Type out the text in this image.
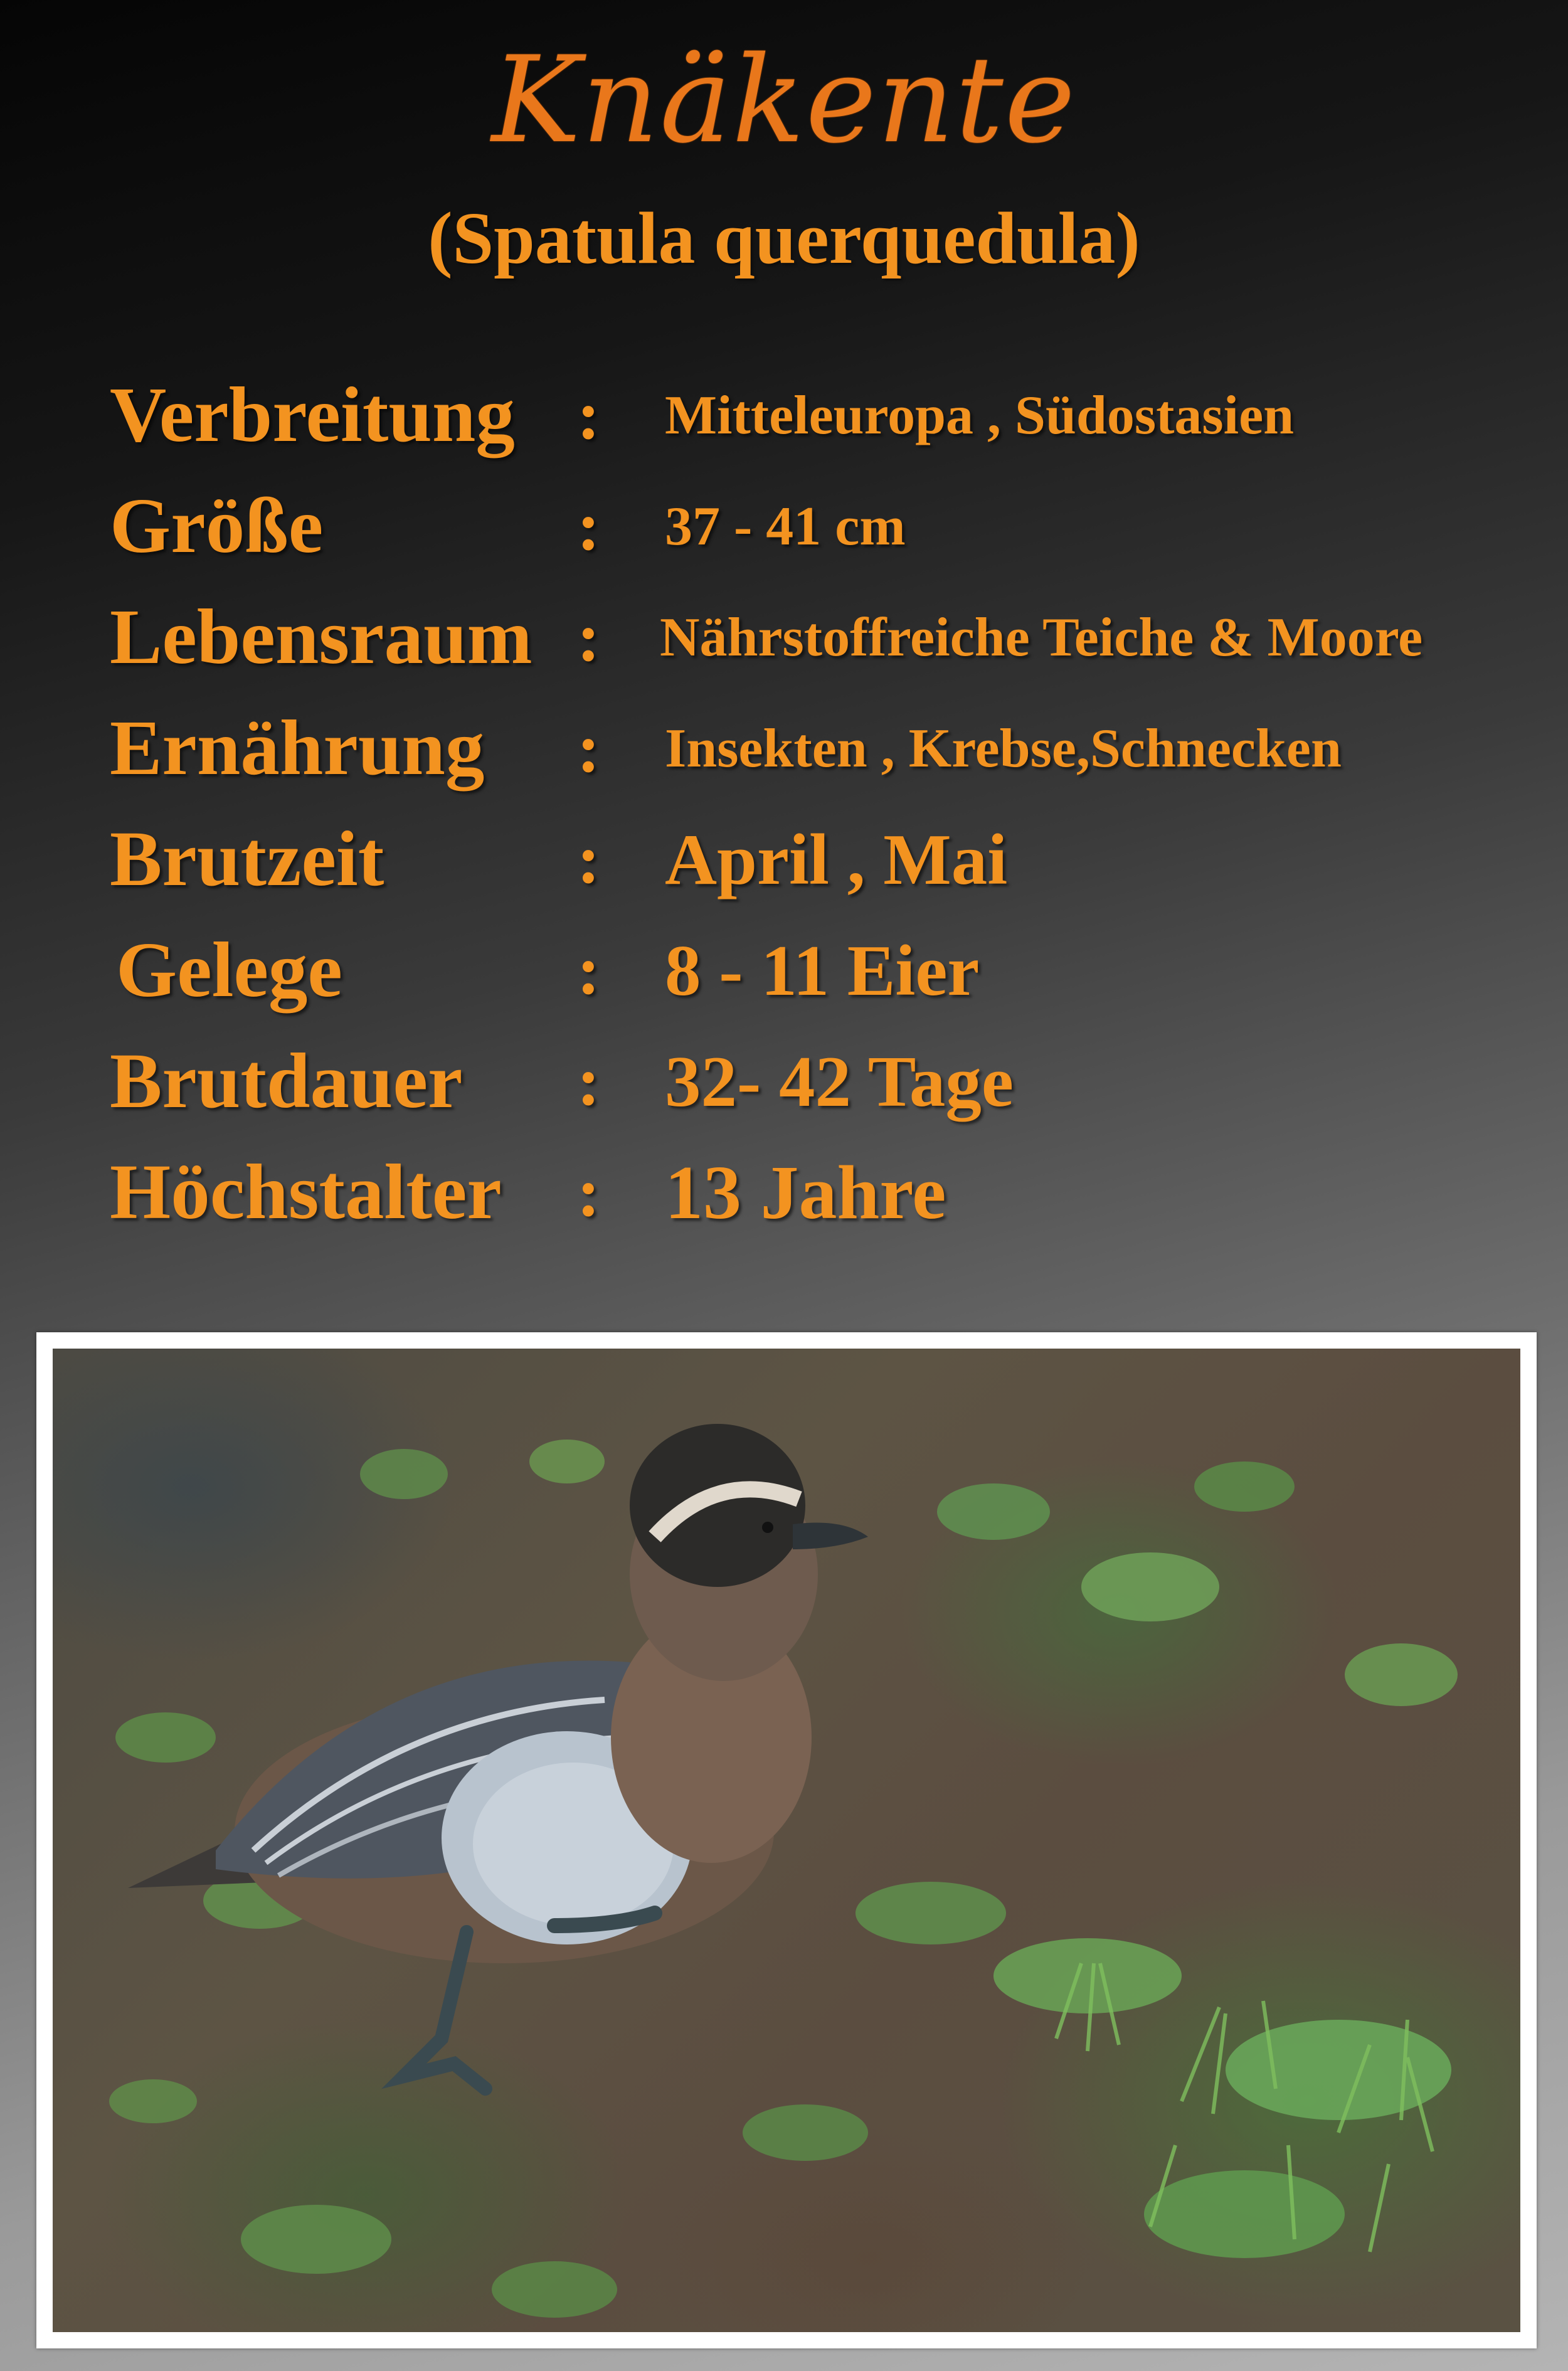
Knäkente
(Spatula querquedula)
Verbreitung : Mitteleuropa , Südostasien
Größe	: 37 - 41 cm
Lebensraum : Nährstoffreiche Teiche & Moore
Ernährung : Insekten , Krebse,Schnecken
Brutzeit	: April , Mai
Gelege	: 8 - 11 Eier
Brutdauer : 32- 42 Tage
Höchstalter : 13 Jahre
